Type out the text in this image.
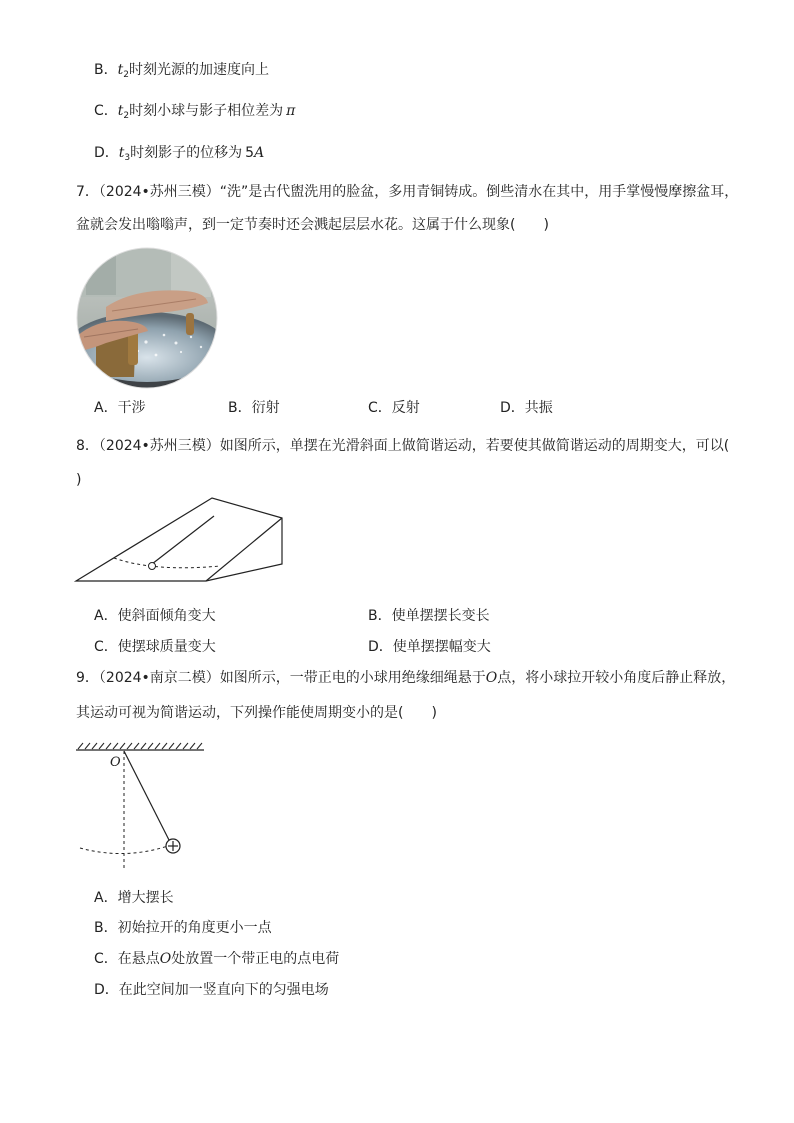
B．$t_2$时刻光源的加速度向上
C．$t_2$时刻小球与影子相位差为 π
D．$t_3$时刻影子的位移为 5A
7．（2024•苏州三模）“洗”是古代盥洗用的脸盆，多用青铜铸成。倒些清水在其中，用手掌慢慢摩擦盆耳，
盆就会发出嗡嗡声，到一定节奏时还会溅起层层水花。这属于什么现象(　　)
A．干涉	B．衍射	C．反射	D．共振
8．（2024•苏州三模）如图所示，单摆在光滑斜面上做简谐运动，若要使其做简谐运动的周期变大，可以(
)
A．使斜面倾角变大	B．使单摆摆长变长
C．使摆球质量变大	D．使单摆摆幅变大
9．（2024•南京二模）如图所示，一带正电的小球用绝缘细绳悬于O点，将小球拉开较小角度后静止释放，
其运动可视为简谐运动，下列操作能使周期变小的是(　　)
O
A．增大摆长
B．初始拉开的角度更小一点
C．在悬点O处放置一个带正电的点电荷
D．在此空间加一竖直向下的匀强电场
